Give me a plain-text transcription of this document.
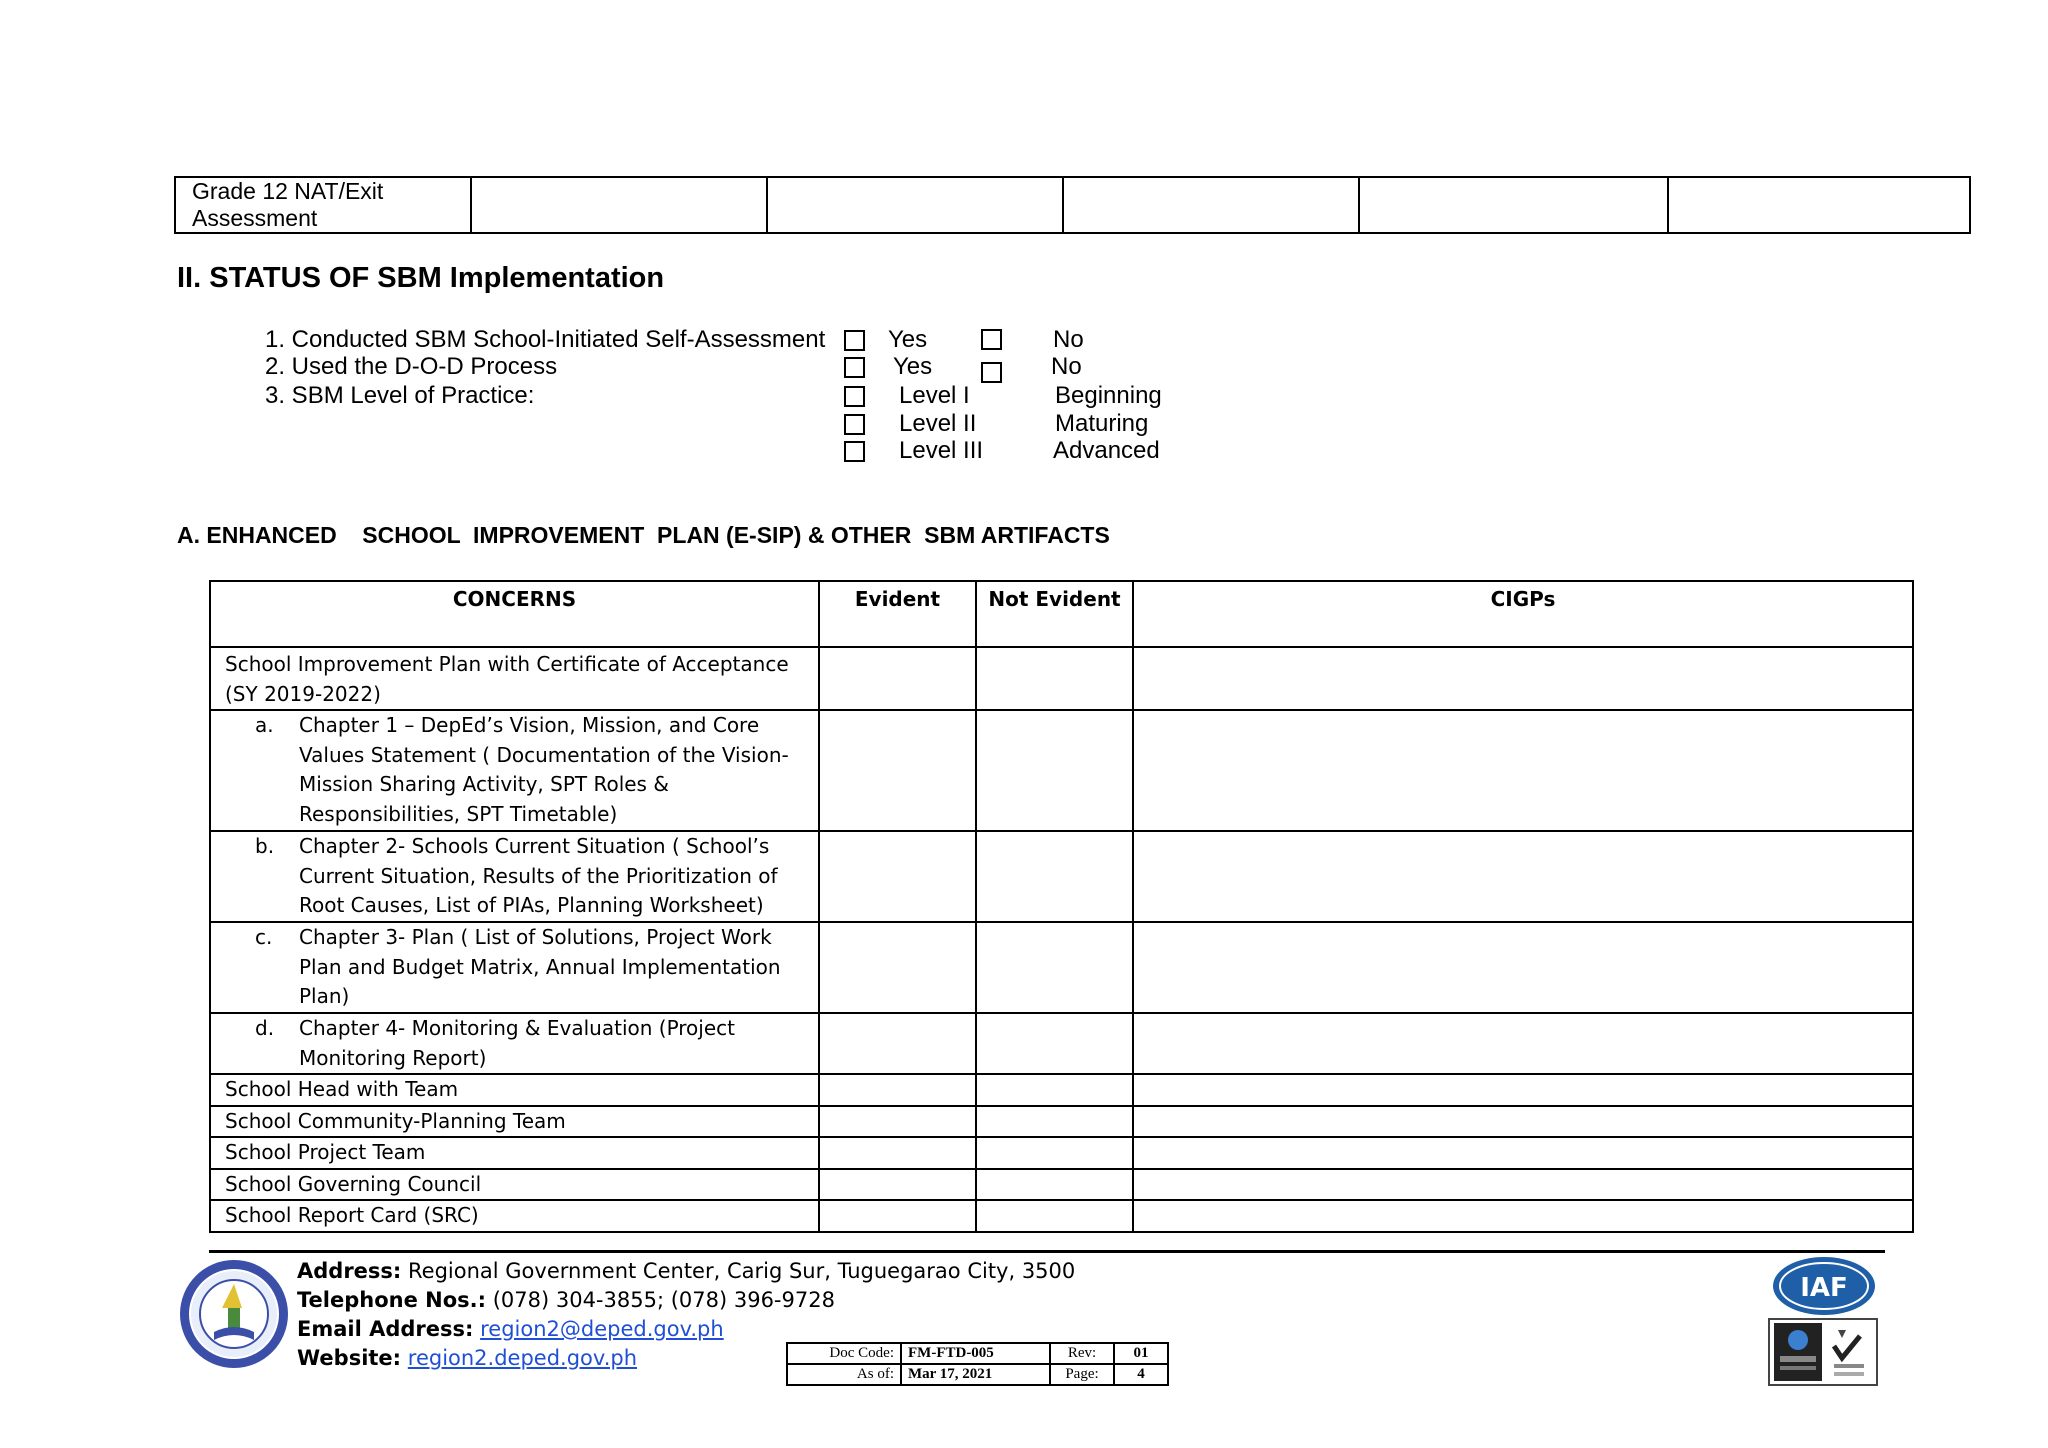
Grade 12 NAT/Exit
Assessment

II. STATUS OF SBM Implementation
1. Conducted SBM School-Initiated Self-Assessment	Yes	No
2. Used the D-O-D Process	Yes	No
3. SBM Level of Practice:	Level I	Beginning
Level II	Maturing
Level III	Advanced
A. ENHANCED    SCHOOL  IMPROVEMENT  PLAN (E-SIP) & OTHER  SBM ARTIFACTS
CONCERNS	Evident	Not Evident	CIGPs
School Improvement Plan with Certificate of Acceptance (SY 2019-2022)			

a. Chapter 1 – DepEd’s Vision, Mission, and Core Values Statement ( Documentation of the Vision-Mission Sharing Activity, SPT Roles & Responsibilities, SPT Timetable)			

b. Chapter 2- Schools Current Situation ( School’s Current Situation, Results of the Prioritization of Root Causes, List of PIAs, Planning Worksheet)			

c. Chapter 3- Plan ( List of Solutions, Project Work Plan and Budget Matrix, Annual Implementation Plan)			

d. Chapter 4- Monitoring & Evaluation (Project Monitoring Report)			

School Head with Team			
School Community-Planning Team			
School Project Team			
School Governing Council			
School Report Card (SRC)			
Address: Regional Government Center, Carig Sur, Tuguegarao City, 3500
Telephone Nos.: (078) 304-3855; (078) 396-9728
Email Address: region2@deped.gov.ph
Website: region2.deped.gov.ph	Doc Code:	FM-FTD-005	Rev:	01
As of:	Mar 17, 2021	Page:	4
IAF
